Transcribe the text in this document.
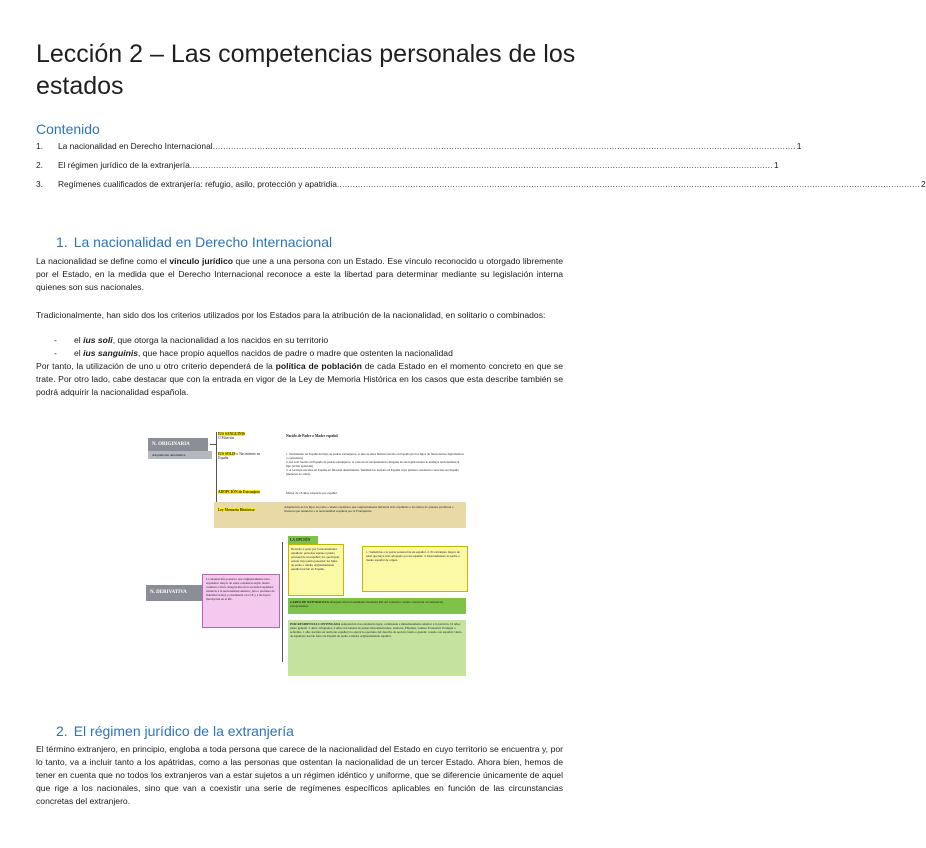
Lección 2 – Las competencias personales de los estados
Contenido
1.	La nacionalidad en Derecho Internacional .............................................................................................................................................................................................................................. 1
2.	El régimen jurídico de la extranjería .............................................................................................................................................................................................................................. 1
3.	Regímenes cualificados de extranjería: refugio, asilo, protección y apatridia .............................................................................................................................................................................................................................. 2
1. La nacionalidad en Derecho Internacional

La nacionalidad se define como el vínculo jurídico que une a una persona con un Estado. Ese vínculo reconocido u otorgado libremente por el Estado, en la medida que el Derecho Internacional reconoce a este la libertad para determinar mediante su legislación interna quienes son sus nacionales.

Tradicionalmente, han sido dos los criterios utilizados por los Estados para la atribución de la nacionalidad, en solitario o combinados:

- el ius soli, que otorga la nacionalidad a los nacidos en su territorio
- el ius sanguinis, que hace propio aquellos nacidos de padre o madre que ostenten la nacionalidad

Por tanto, la utilización de uno u otro criterio dependerá de la política de población de cada Estado en el momento concreto en que se trate. Por otro lado, cabe destacar que con la entrada en vigor de la Ley de Memoria Histórica en los casos que esta describe también se podrá adquirir la nacionalidad española.

N. ORIGINARIA
Adquisición automática
IUS SANGUINIS
O Filiación
Nacido de Padre o Madre español
IUS SOLIS o Nacimiento en España
1. Nacimiento en España del hijo de padres extranjeros, si uno de ellos hubiera nacido en España (no los hijos de funcionarios diplomáticos o consulares)
2. Ius soli: nacido en España de padres extranjeros, si carecen de nacionalidad o ninguna de sus legislaciones le atribuye nacionalidad al hijo (evitar apatridia)
3. A los hijos nacidos en España en filiación determinada. También los nacidos en España cuya primera residencia conocida sea España (menores de edad).
ADOPCIÓN de Extranjero	Menor de 18 años adoptado por español.
Ley Memoria Histórica:
Adquisición de los hijos de padre o madre españoles que originariamente hubieran sido españoles o los nietos de quienes perdieron o tuvieron que renunciar a la nacionalidad española por el Franquismo.
N. DERIVATIVA
La adquisición posterior que originariamente tuvo, requisitos: mayor de edad, residencia legal, buena conducta cívica, integración en la sociedad española; renuncia a la nacionalidad anterior; jura o promesa de fidelidad al Rey y obediencia a la CE y a las leyes; inscripción en el RC.
LA OPCIÓN
Derecho a optar por la nacionalidad española: personas sujetas a patria potestad de un español; los que hayan estado bajo patria potestad; los hijos de padre o madre originariamente español nacido en España.
1. Sometidos a la patria potestad de un español. 2. El extranjero mayor de edad que haya sido adoptado por un español. 3. Descendientes de padre o madre español de origen.
CARTA DE NATURALEZA Otorgada discrecionalmente mediante RD del Gobierno cuando concurran circunstancias excepcionales.
POR RESIDENCIA CONTINUADA Adquisición tras residencia legal, continuada e inmediatamente anterior a la petición. 10 años: plazo general. 5 años: refugiados. 2 años: nacionales de países iberoamericanos, Andorra, Filipinas, Guinea Ecuatorial, Portugal o sefardíes. 1 año: nacidos en territorio español; no ejercicio oportuno del derecho de opción; tutela o guarda; casado con español; viudo de española; nacido fuera de España de padre o madre originariamente español.
2. El régimen jurídico de la extranjería

El término extranjero, en principio, engloba a toda persona que carece de la nacionalidad del Estado en cuyo territorio se encuentra y, por lo tanto, va a incluir tanto a los apátridas, como a las personas que ostentan la nacionalidad de un tercer Estado. Ahora bien, hemos de tener en cuenta que no todos los extranjeros van a estar sujetos a un régimen idéntico y uniforme, que se diferencie únicamente de aquel que rige a los nacionales, sino que van a coexistir una serie de regímenes específicos aplicables en función de las circunstancias concretas del extranjero.
